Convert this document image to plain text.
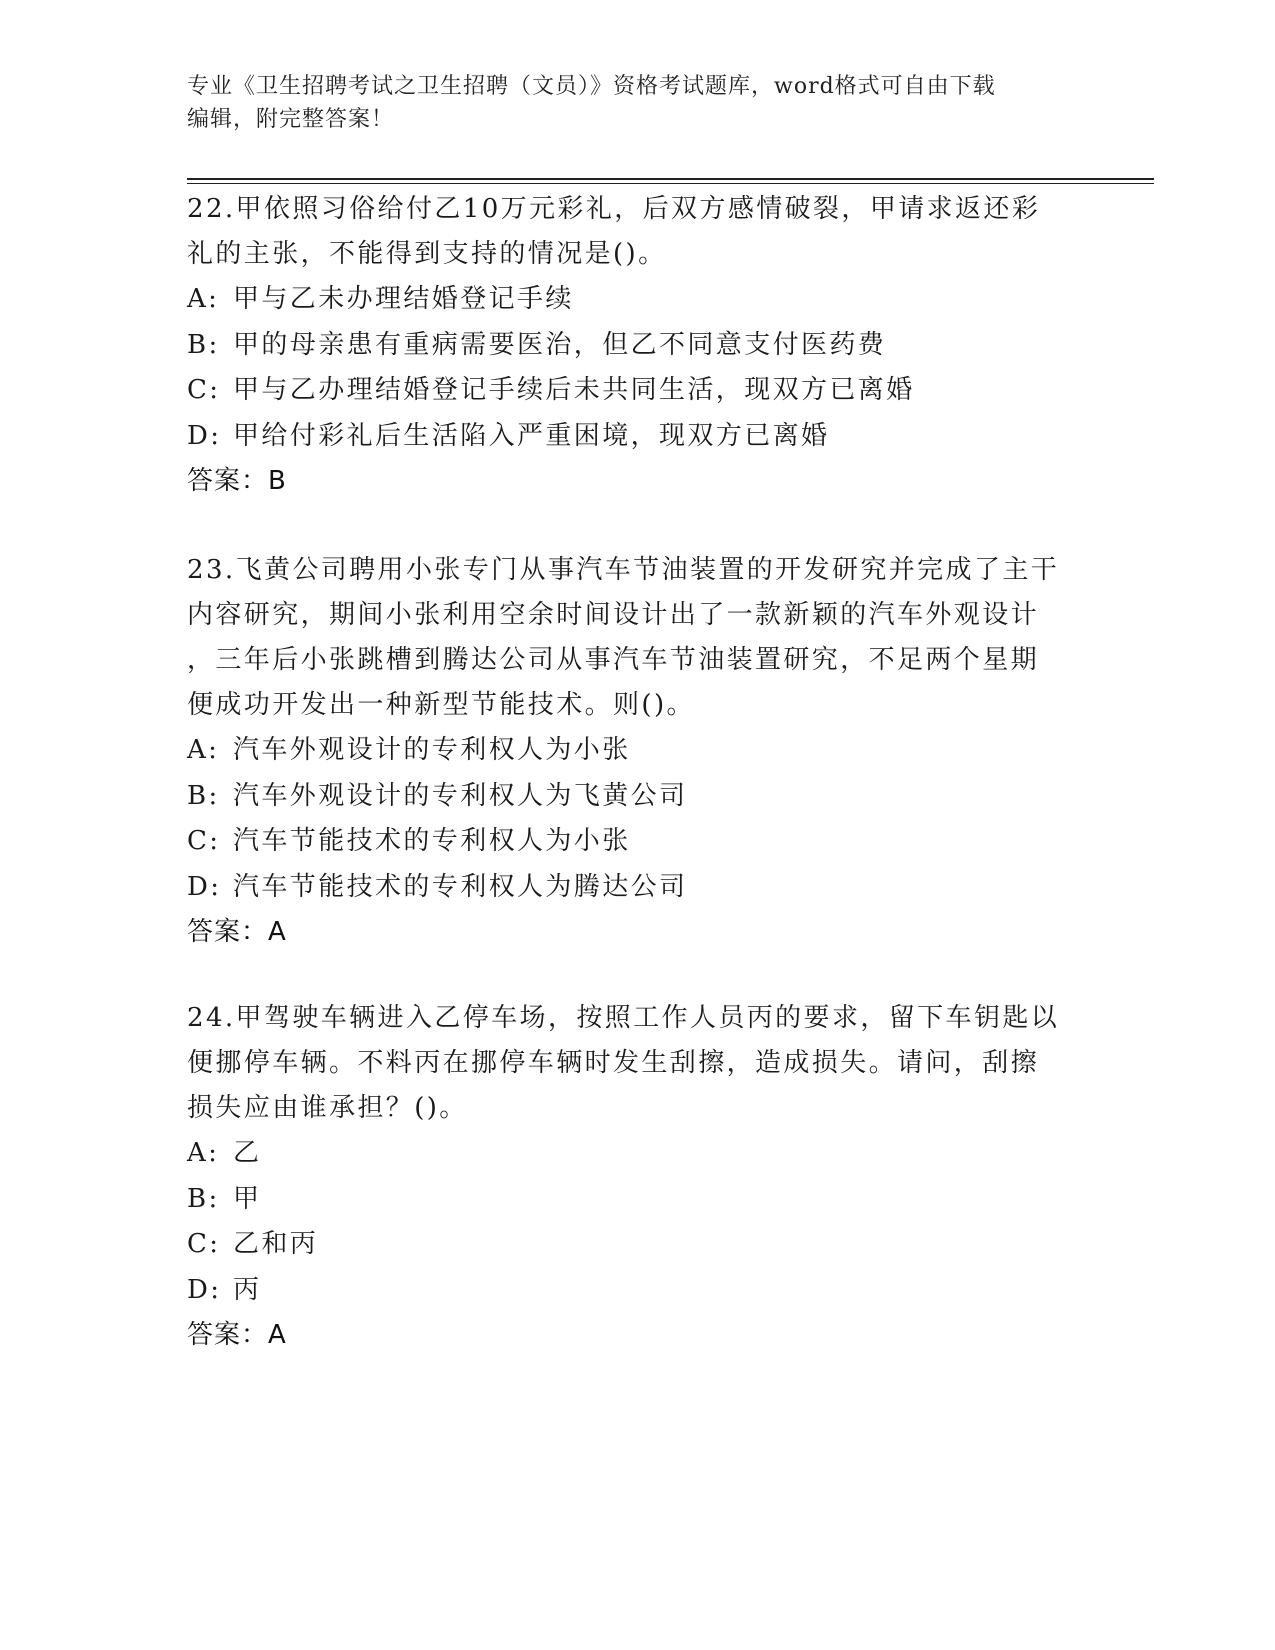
专业《卫生招聘考试之卫生招聘（文员）》资格考试题库，word格式可自由下载
编辑，附完整答案！
22.甲依照习俗给付乙10万元彩礼，后双方感情破裂，甲请求返还彩
礼的主张，不能得到支持的情况是()。
A: 甲与乙未办理结婚登记手续
B: 甲的母亲患有重病需要医治，但乙不同意支付医药费
C: 甲与乙办理结婚登记手续后未共同生活，现双方已离婚
D: 甲给付彩礼后生活陷入严重困境，现双方已离婚
答案：B
23.飞黄公司聘用小张专门从事汽车节油装置的开发研究并完成了主干
内容研究，期间小张利用空余时间设计出了一款新颖的汽车外观设计
，三年后小张跳槽到腾达公司从事汽车节油装置研究，不足两个星期
便成功开发出一种新型节能技术。则()。
A: 汽车外观设计的专利权人为小张
B: 汽车外观设计的专利权人为飞黄公司
C: 汽车节能技术的专利权人为小张
D: 汽车节能技术的专利权人为腾达公司
答案：A
24.甲驾驶车辆进入乙停车场，按照工作人员丙的要求，留下车钥匙以
便挪停车辆。不料丙在挪停车辆时发生刮擦，造成损失。请问，刮擦
损失应由谁承担？()。
A: 乙
B: 甲
C: 乙和丙
D: 丙
答案：A
